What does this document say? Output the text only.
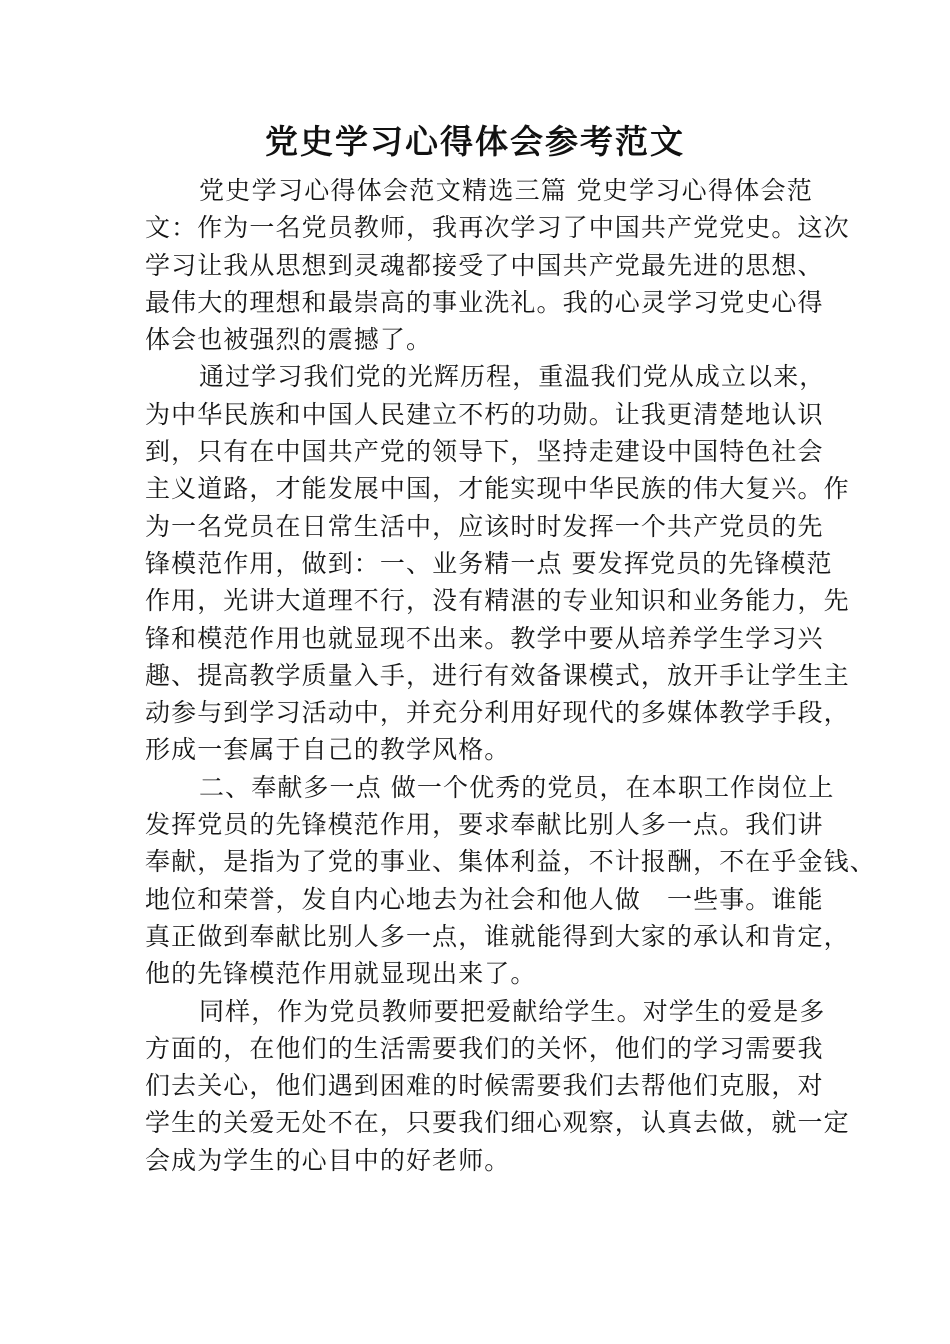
党史学习心得体会参考范文
党史学习心得体会范文精选三篇 党史学习心得体会范
文：作为一名党员教师，我再次学习了中国共产党党史。这次
学习让我从思想到灵魂都接受了中国共产党最先进的思想、
最伟大的理想和最崇高的事业洗礼。我的心灵学习党史心得
体会也被强烈的震撼了。
通过学习我们党的光辉历程，重温我们党从成立以来，
为中华民族和中国人民建立不朽的功勋。让我更清楚地认识
到，只有在中国共产党的领导下，坚持走建设中国特色社会
主义道路，才能发展中国，才能实现中华民族的伟大复兴。作
为一名党员在日常生活中，应该时时发挥一个共产党员的先
锋模范作用，做到：一、业务精一点 要发挥党员的先锋模范
作用，光讲大道理不行，没有精湛的专业知识和业务能力，先
锋和模范作用也就显现不出来。教学中要从培养学生学习兴
趣、提高教学质量入手，进行有效备课模式，放开手让学生主
动参与到学习活动中，并充分利用好现代的多媒体教学手段，
形成一套属于自己的教学风格。
二、奉献多一点 做一个优秀的党员，在本职工作岗位上
发挥党员的先锋模范作用，要求奉献比别人多一点。我们讲
奉献，是指为了党的事业、集体利益，不计报酬，不在乎金钱、
地位和荣誉，发自内心地去为社会和他人做　一些事。谁能
真正做到奉献比别人多一点，谁就能得到大家的承认和肯定，
他的先锋模范作用就显现出来了。
同样，作为党员教师要把爱献给学生。对学生的爱是多
方面的，在他们的生活需要我们的关怀，他们的学习需要我
们去关心，他们遇到困难的时候需要我们去帮他们克服，对
学生的关爱无处不在，只要我们细心观察，认真去做，就一定
会成为学生的心目中的好老师。
